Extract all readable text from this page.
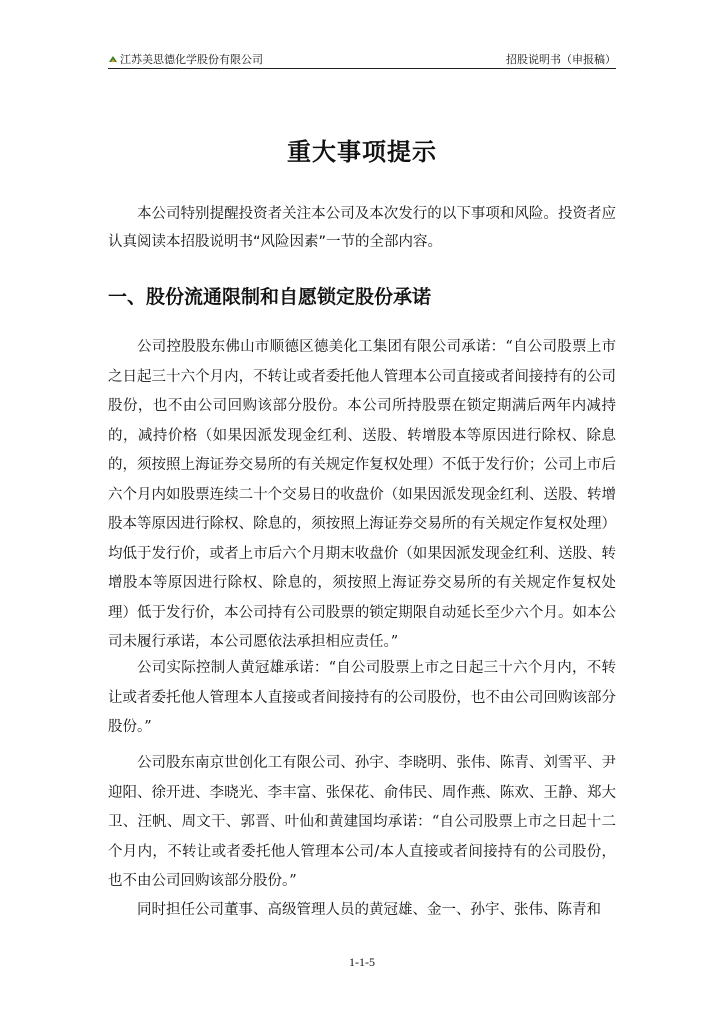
江苏美思德化学股份有限公司	招股说明书（申报稿）
重大事项提示

本公司特别提醒投资者关注本公司及本次发行的以下事项和风险。投资者应认真阅读本招股说明书“风险因素”一节的全部内容。

一、股份流通限制和自愿锁定股份承诺

公司控股股东佛山市顺德区德美化工集团有限公司承诺：“自公司股票上市之日起三十六个月内，不转让或者委托他人管理本公司直接或者间接持有的公司股份，也不由公司回购该部分股份。本公司所持股票在锁定期满后两年内减持的，减持价格（如果因派发现金红利、送股、转增股本等原因进行除权、除息的，须按照上海证券交易所的有关规定作复权处理）不低于发行价；公司上市后六个月内如股票连续二十个交易日的收盘价（如果因派发现金红利、送股、转增股本等原因进行除权、除息的，须按照上海证券交易所的有关规定作复权处理）均低于发行价，或者上市后六个月期末收盘价（如果因派发现金红利、送股、转增股本等原因进行除权、除息的，须按照上海证券交易所的有关规定作复权处理）低于发行价，本公司持有公司股票的锁定期限自动延长至少六个月。如本公司未履行承诺，本公司愿依法承担相应责任。”

公司实际控制人黄冠雄承诺：“自公司股票上市之日起三十六个月内，不转让或者委托他人管理本人直接或者间接持有的公司股份，也不由公司回购该部分股份。”

公司股东南京世创化工有限公司、孙宇、李晓明、张伟、陈青、刘雪平、尹迎阳、徐开进、李晓光、李丰富、张保花、俞伟民、周作燕、陈欢、王静、郑大卫、汪帆、周文干、郭晋、叶仙和黄建国均承诺：“自公司股票上市之日起十二个月内，不转让或者委托他人管理本公司/本人直接或者间接持有的公司股份，也不由公司回购该部分股份。”

同时担任公司董事、高级管理人员的黄冠雄、金一、孙宇、张伟、陈青和

1-1-5
